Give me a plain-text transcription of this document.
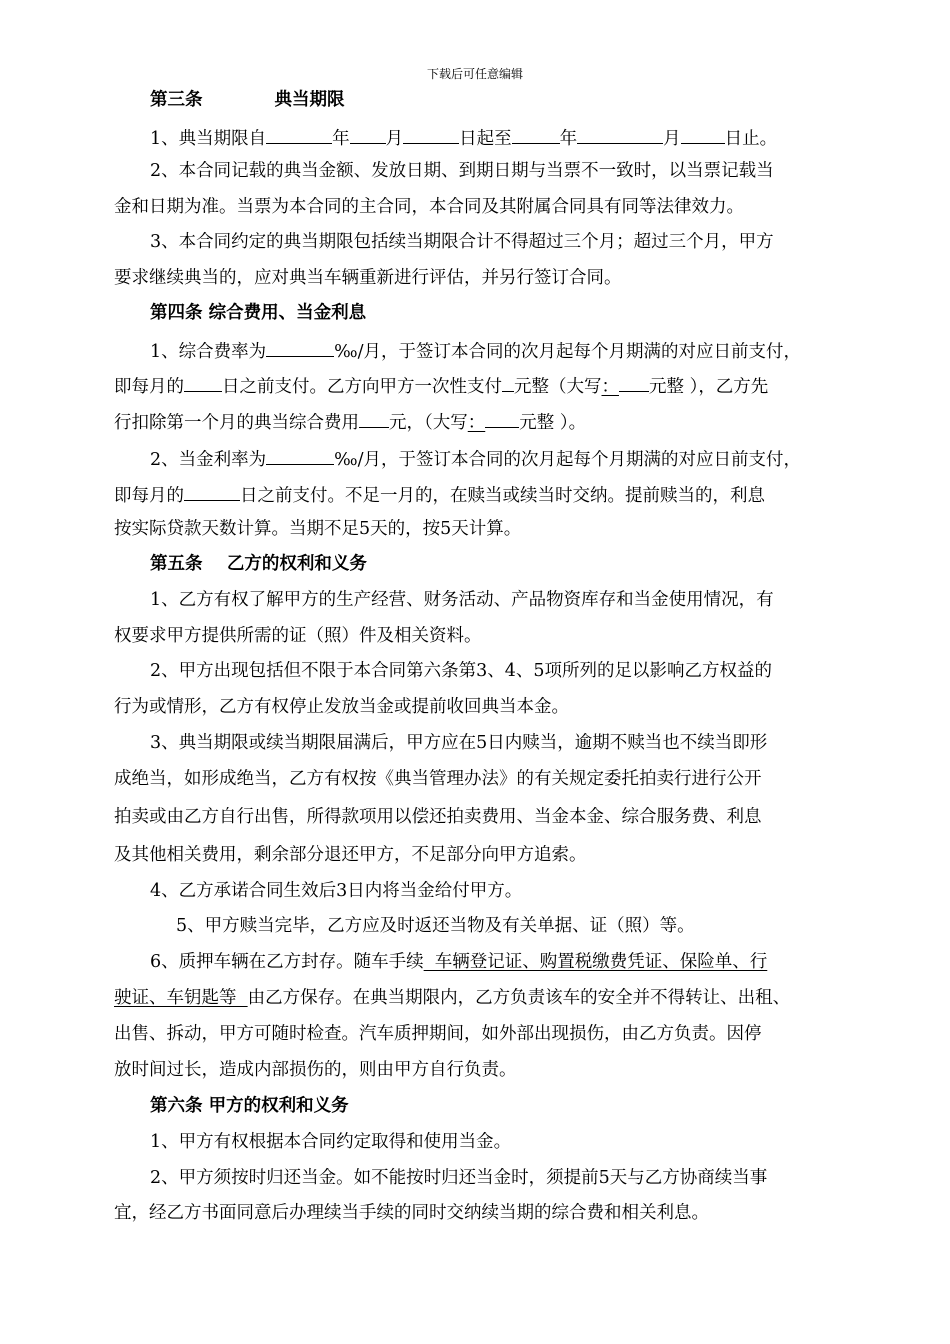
下载后可任意编辑
第三条	典当期限
1、典当期限自	年 月	日起至	年	月	日止。
2、本合同记载的典当金额、发放日期、到期日期与当票不一致时，以当票记载当
金和日期为准。当票为本合同的主合同，本合同及其附属合同具有同等法律效力。
3、本合同约定的典当期限包括续当期限合计不得超过三个月；超过三个月，甲方
要求继续典当的，应对典当车辆重新进行评估，并另行签订合同。
第四条 综合费用、当金利息
1、综合费率为	‰/月，于签订本合同的次月起每个月期满的对应日前支付，
即每月的 日之前支付。乙方向甲方一次性支付 元整（大写： 元整 ），乙方先
行扣除第一个月的典当综合费用 元，（大写： 元整 ）。
2、当金利率为	‰/月，于签订本合同的次月起每个月期满的对应日前支付，
即每月的	日之前支付。不足一月的，在赎当或续当时交纳。提前赎当的，利息
按实际贷款天数计算。当期不足5天的，按5天计算。
第五条    乙方的权利和义务
1、乙方有权了解甲方的生产经营、财务活动、产品物资库存和当金使用情况，有
权要求甲方提供所需的证（照）件及相关资料。
2、甲方出现包括但不限于本合同第六条第3、4、5项所列的足以影响乙方权益的
行为或情形，乙方有权停止发放当金或提前收回典当本金。
3、典当期限或续当期限届满后，甲方应在5日内赎当，逾期不赎当也不续当即形
成绝当，如形成绝当，乙方有权按《典当管理办法》的有关规定委托拍卖行进行公开
拍卖或由乙方自行出售，所得款项用以偿还拍卖费用、当金本金、综合服务费、利息
及其他相关费用，剩余部分退还甲方，不足部分向甲方追索。
4、乙方承诺合同生效后3日内将当金给付甲方。
5、甲方赎当完毕，乙方应及时返还当物及有关单据、证（照）等。
6、质押车辆在乙方封存。随车手续  车辆登记证、购置税缴费凭证、保险单、行
驶证、车钥匙等  由乙方保存。在典当期限内，乙方负责该车的安全并不得转让、出租、
出售、拆动，甲方可随时检查。汽车质押期间，如外部出现损伤，由乙方负责。因停
放时间过长，造成内部损伤的，则由甲方自行负责。
第六条 甲方的权利和义务
1、甲方有权根据本合同约定取得和使用当金。
2、甲方须按时归还当金。如不能按时归还当金时，须提前5天与乙方协商续当事
宜，经乙方书面同意后办理续当手续的同时交纳续当期的综合费和相关利息。
